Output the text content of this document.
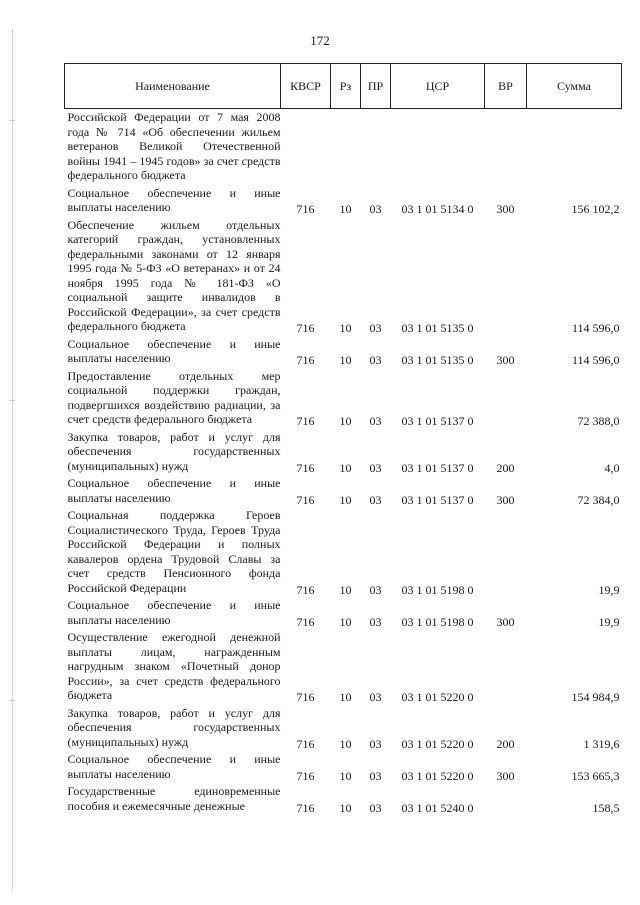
172
Наименование	КВСР	Рз	ПР	ЦСР	ВР	Сумма
Российской Федерации от 7 мая 2008 года № 714 «Об обеспечении жильем ветеранов Великой Отечественной войны 1941 – 1945 годов» за счет средств федерального бюджета						
Социальное обеспечение и иные выплаты населению	716	10	03	03 1 01 5134 0	300	156 102,2
Обеспечение жильем отдельных категорий граждан, установленных федеральными законами от 12 января 1995 года № 5-ФЗ «О ветеранах» и от 24 ноября 1995 года № 181-ФЗ «О социальной защите инвалидов в Российской Федерации», за счет средств федерального бюджета	716	10	03	03 1 01 5135 0		114 596,0
Социальное обеспечение и иные выплаты населению	716	10	03	03 1 01 5135 0	300	114 596,0
Предоставление отдельных мер социальной поддержки граждан, подвергшихся воздействию радиации, за счет средств федерального бюджета	716	10	03	03 1 01 5137 0		72 388,0
Закупка товаров, работ и услуг для обеспечения государственных (муниципальных) нужд	716	10	03	03 1 01 5137 0	200	4,0
Социальное обеспечение и иные выплаты населению	716	10	03	03 1 01 5137 0	300	72 384,0
Социальная поддержка Героев Социалистического Труда, Героев Труда Российской Федерации и полных кавалеров ордена Трудовой Славы за счет средств Пенсионного фонда Российской Федерации	716	10	03	03 1 01 5198 0		19,9
Социальное обеспечение и иные выплаты населению	716	10	03	03 1 01 5198 0	300	19,9
Осуществление ежегодной денежной выплаты лицам, награжденным нагрудным знаком «Почетный донор России», за счет средств федерального бюджета	716	10	03	03 1 01 5220 0		154 984,9
Закупка товаров, работ и услуг для обеспечения государственных (муниципальных) нужд	716	10	03	03 1 01 5220 0	200	1 319,6
Социальное обеспечение и иные выплаты населению	716	10	03	03 1 01 5220 0	300	153 665,3
Государственные единовременные пособия и ежемесячные денежные	716	10	03	03 1 01 5240 0		158,5
